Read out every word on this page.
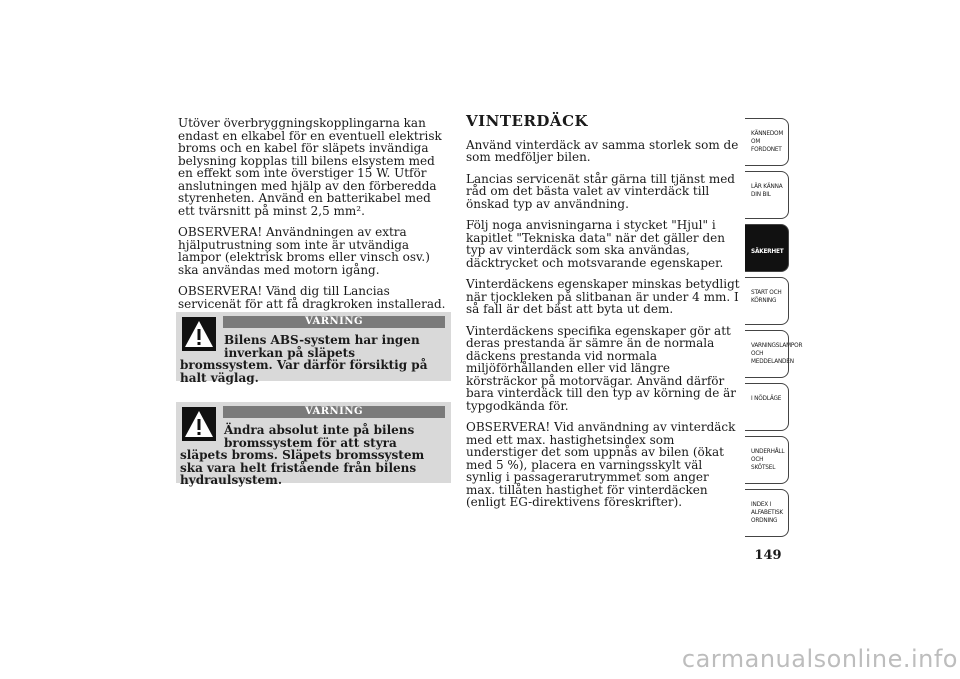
Utöver överbryggningskopplingarna kan endast en elkabel för en eventuell elektrisk broms och en kabel för släpets invändiga belysning kopplas till bilens elsystem med en effekt som inte överstiger 15 W. Utför anslutningen med hjälp av den förberedda styrenheten. Använd en batterikabel med ett tvärsnitt på minst 2,5 mm².

OBSERVERA! Användningen av extra hjälputrustning som inte är utvändiga lampor (elektrisk broms eller vinsch osv.) ska användas med motorn igång.

OBSERVERA! Vänd dig till Lancias servicenät för att få dragkroken installerad.

VARNING

Bilens ABS-system har ingen

inverkan på släpets bromssystem. Var därför försiktig på halt väglag.

VARNING

Ändra absolut inte på bilens

bromssystem för att styra släpets broms. Släpets bromssystem ska vara helt fristående från bilens hydraulsystem.

VINTERDÄCK

Använd vinterdäck av samma storlek som de som medföljer bilen.

Lancias servicenät står gärna till tjänst med råd om det bästa valet av vinterdäck till önskad typ av användning.

Följ noga anvisningarna i stycket "Hjul" i kapitlet "Tekniska data" när det gäller den typ av vinterdäck som ska användas, däcktrycket och motsvarande egenskaper.

Vinterdäckens egenskaper minskas betydligt när tjockleken på slitbanan är under 4 mm. I så fall är det bäst att byta ut dem.

Vinterdäckens specifika egenskaper gör att deras prestanda är sämre än de normala däckens prestanda vid normala miljöförhållanden eller vid längre körsträckor på motorvägar. Använd därför bara vinterdäck till den typ av körning de är typgodkända för.

OBSERVERA! Vid användning av vinterdäck med ett max. hastighetsindex som understiger det som uppnås av bilen (ökat med 5 %), placera en varningsskylt väl synlig i passagerarutrymmet som anger max. tillåten hastighet för vinterdäcken (enligt EG-direktivens föreskrifter).

KÄNNEDOM OM FORDONET
LÄR KÄNNA DIN BIL
SÄKERHET
START OCH KÖRNING
VARNINGSLAMPOR OCH MEDDELANDEN
I NÖDLÄGE
UNDERHÅLL OCH SKÖTSEL
INDEX I ALFABETISK ORDNING
149
carmanualsonline.info
